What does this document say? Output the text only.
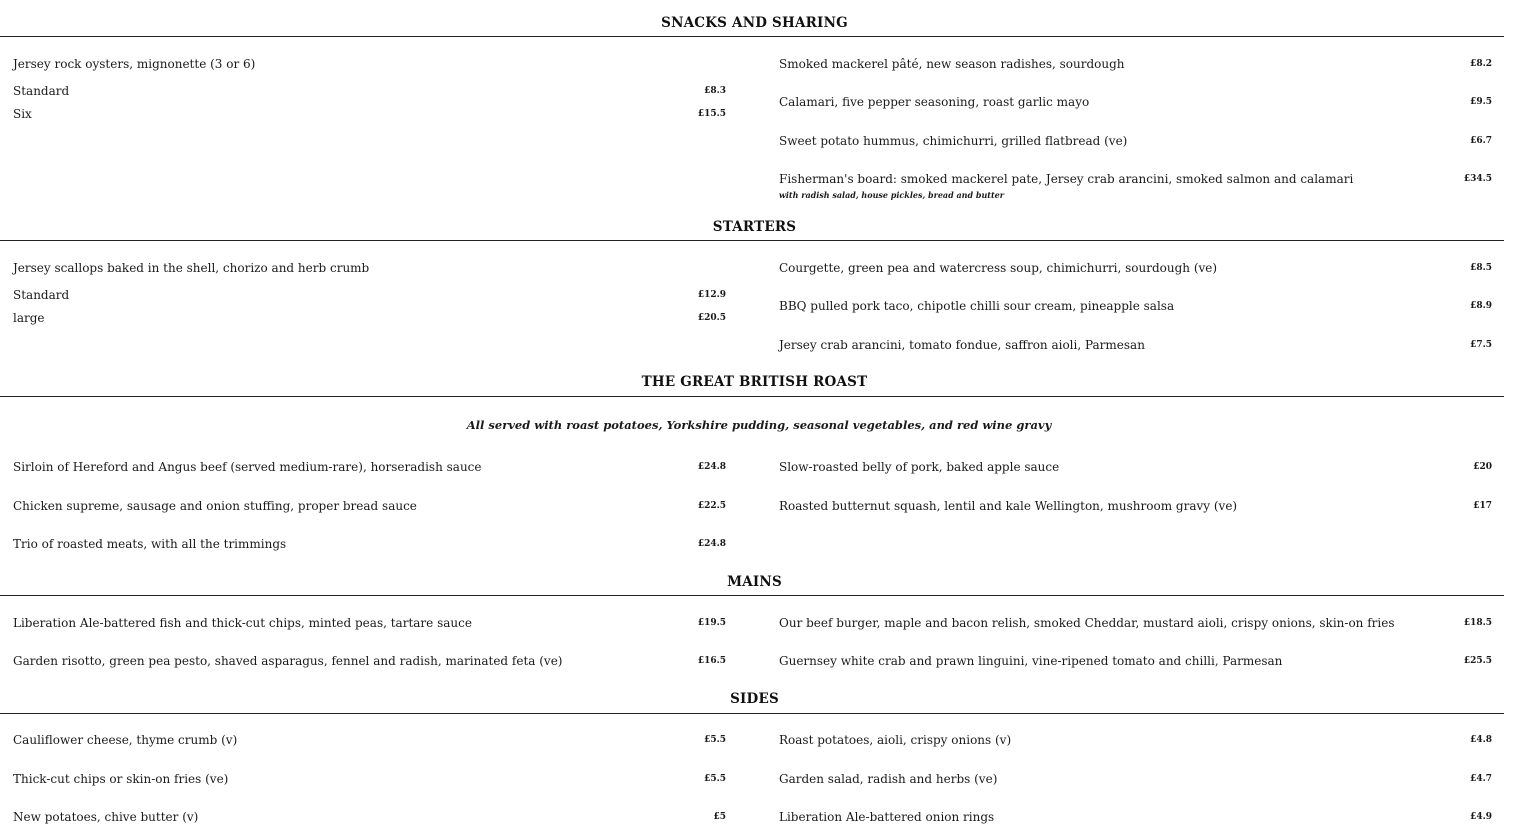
SNACKS AND SHARING
Jersey rock oysters, mignonette (3 or 6)
Standard	£8.3
Six	£15.5
Smoked mackerel pâté, new season radishes, sourdough	£8.2
Calamari, five pepper seasoning, roast garlic mayo	£9.5
Sweet potato hummus, chimichurri, grilled flatbread (ve)	£6.7
Fisherman's board: smoked mackerel pate, Jersey crab arancini, smoked salmon and calamari	£34.5
with radish salad, house pickles, bread and butter
STARTERS
Jersey scallops baked in the shell, chorizo and herb crumb
Standard	£12.9
large	£20.5
Courgette, green pea and watercress soup, chimichurri, sourdough (ve)	£8.5
BBQ pulled pork taco, chipotle chilli sour cream, pineapple salsa	£8.9
Jersey crab arancini, tomato fondue, saffron aioli, Parmesan	£7.5
THE GREAT BRITISH ROAST
All served with roast potatoes, Yorkshire pudding, seasonal vegetables, and red wine gravy
Sirloin of Hereford and Angus beef (served medium-rare), horseradish sauce	£24.8
Chicken supreme, sausage and onion stuffing, proper bread sauce	£22.5
Trio of roasted meats, with all the trimmings	£24.8
Slow-roasted belly of pork, baked apple sauce	£20
Roasted butternut squash, lentil and kale Wellington, mushroom gravy (ve)	£17
MAINS
Liberation Ale-battered fish and thick-cut chips, minted peas, tartare sauce	£19.5
Garden risotto, green pea pesto, shaved asparagus, fennel and radish, marinated feta (ve)	£16.5
Our beef burger, maple and bacon relish, smoked Cheddar, mustard aioli, crispy onions, skin-on fries	£18.5
Guernsey white crab and prawn linguini, vine-ripened tomato and chilli, Parmesan	£25.5
SIDES
Cauliflower cheese, thyme crumb (v)	£5.5
Thick-cut chips or skin-on fries (ve)	£5.5
New potatoes, chive butter (v)	£5
Roast potatoes, aioli, crispy onions (v)	£4.8
Garden salad, radish and herbs (ve)	£4.7
Liberation Ale-battered onion rings	£4.9
